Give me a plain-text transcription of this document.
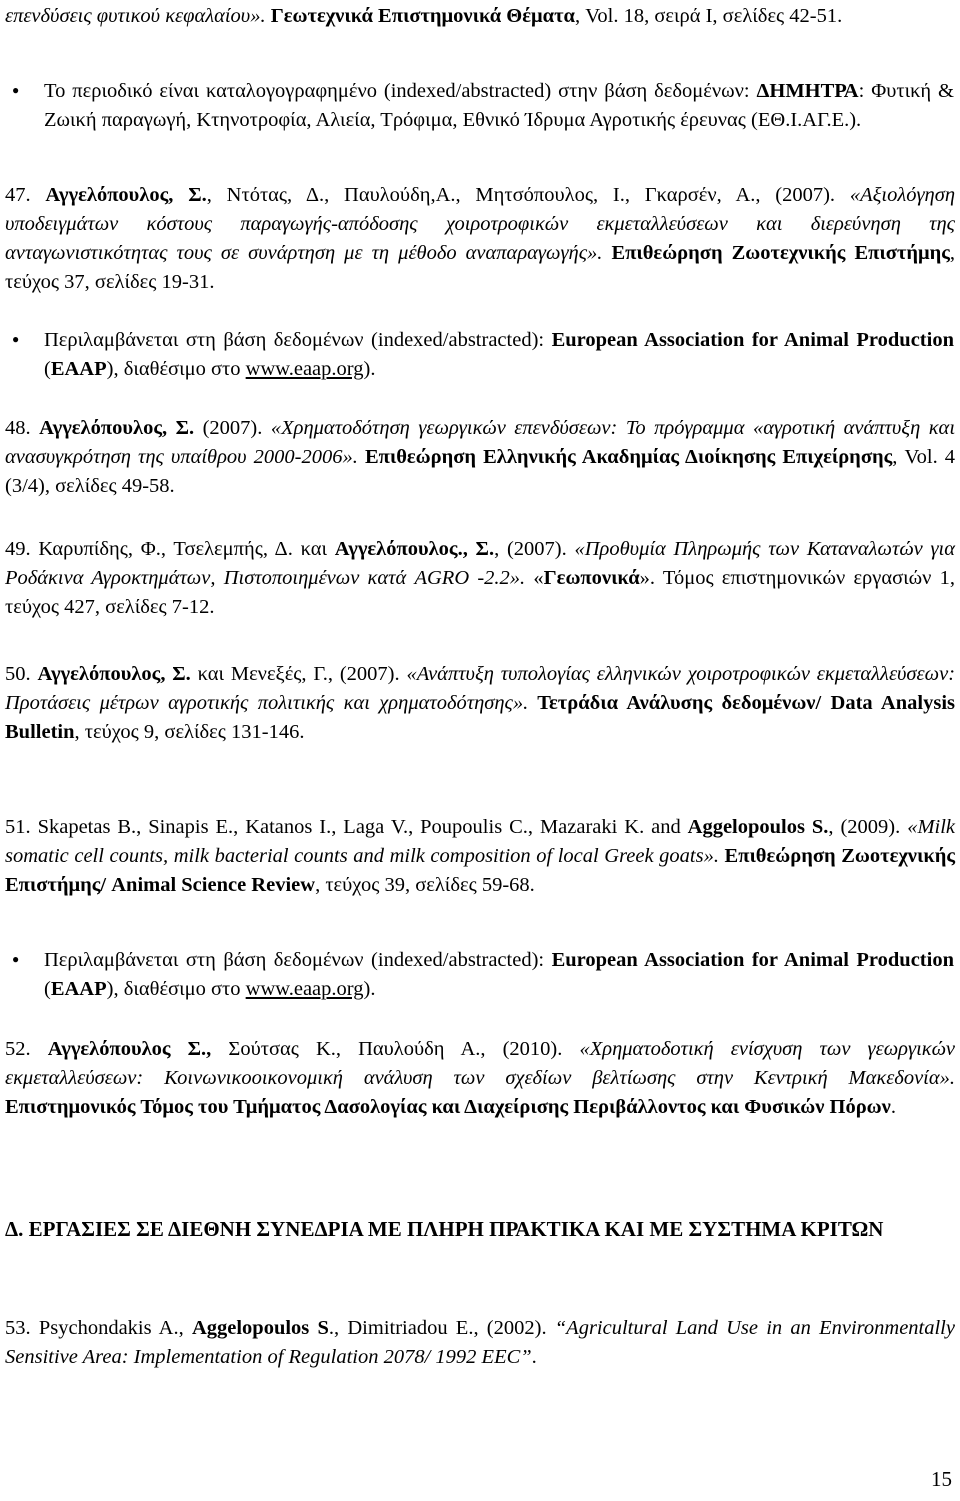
επενδύσεις φυτικού κεφαλαίου». Γεωτεχνικά Επιστημονικά Θέματα, Vol. 18, σειρά I, σελίδες 42-51.
●
Το περιοδικό είναι καταλογογραφημένο (indexed/abstracted) στην βάση δεδομένων: ΔΗΜΗΤΡΑ: Φυτική & Ζωική παραγωγή, Κτηνοτροφία, Αλιεία, Τρόφιμα, Εθνικό Ίδρυμα Αγροτικής έρευνας (ΕΘ.Ι.ΑΓ.Ε.).
47. Αγγελόπουλος, Σ., Ντότας, Δ., Παυλούδη,Α., Μητσόπουλος, Ι., Γκαρσέν, Α., (2007). «Αξιολόγηση υποδειγμάτων κόστους παραγωγής-απόδοσης χοιροτροφικών εκμεταλλεύσεων και διερεύνηση της ανταγωνιστικότητας τους σε συνάρτηση με τη μέθοδο αναπαραγωγής». Επιθεώρηση Ζωοτεχνικής Επιστήμης, τεύχος 37, σελίδες 19-31.
●
Περιλαμβάνεται στη βάση δεδομένων (indexed/abstracted): European Association for Animal Production (EAAP), διαθέσιμο στο www.eaap.org).
48. Αγγελόπουλος, Σ. (2007). «Χρηματοδότηση γεωργικών επενδύσεων: Το πρόγραμμα «αγροτική ανάπτυξη και ανασυγκρότηση της υπαίθρου 2000-2006». Επιθεώρηση Ελληνικής Ακαδημίας Διοίκησης Επιχείρησης, Vol. 4 (3/4), σελίδες 49-58.
49. Καρυπίδης, Φ., Τσελεμπής, Δ. και Αγγελόπουλος., Σ., (2007). «Προθυμία Πληρωμής των Καταναλωτών για Ροδάκινα Αγροκτημάτων, Πιστοποιημένων κατά AGRO -2.2». «Γεωπονικά». Τόμος επιστημονικών εργασιών 1, τεύχος 427, σελίδες 7-12.
50. Αγγελόπουλος, Σ. και Μενεξές, Γ., (2007). «Ανάπτυξη τυπολογίας ελληνικών χοιροτροφικών εκμεταλλεύσεων: Προτάσεις μέτρων αγροτικής πολιτικής και χρηματοδότησης». Τετράδια Ανάλυσης δεδομένων/ Data Analysis Bulletin, τεύχος 9, σελίδες 131-146.
51. Skapetas B., Sinapis E., Katanos I., Laga V., Poupoulis C., Mazaraki K. and Aggelopoulos S., (2009). «Milk somatic cell counts, milk bacterial counts and milk composition of local Greek goats». Επιθεώρηση Ζωοτεχνικής Επιστήμης/ Animal Science Review, τεύχος 39, σελίδες 59-68.
●
Περιλαμβάνεται στη βάση δεδομένων (indexed/abstracted): European Association for Animal Production (EAAP), διαθέσιμο στο www.eaap.org).
52. Αγγελόπουλος Σ., Σούτσας Κ., Παυλούδη Α., (2010). «Χρηματοδοτική ενίσχυση των γεωργικών εκμεταλλεύσεων: Κοινωνικοοικονομική ανάλυση των σχεδίων βελτίωσης στην Κεντρική Μακεδονία». Επιστημονικός Τόμος του Τμήματος Δασολογίας και Διαχείρισης Περιβάλλοντος και Φυσικών Πόρων.
Δ. ΕΡΓΑΣΙΕΣ ΣΕ ΔΙΕΘΝΗ ΣΥΝΕΔΡΙΑ ΜΕ ΠΛΗΡΗ ΠΡΑΚΤΙΚΑ ΚΑΙ ΜΕ ΣΥΣΤΗΜΑ ΚΡΙΤΩΝ
53. Psychondakis A., Aggelopoulos S., Dimitriadou E., (2002). “Agricultural Land Use in an Environmentally Sensitive Area: Implementation of Regulation 2078/ 1992 EEC”.
15
